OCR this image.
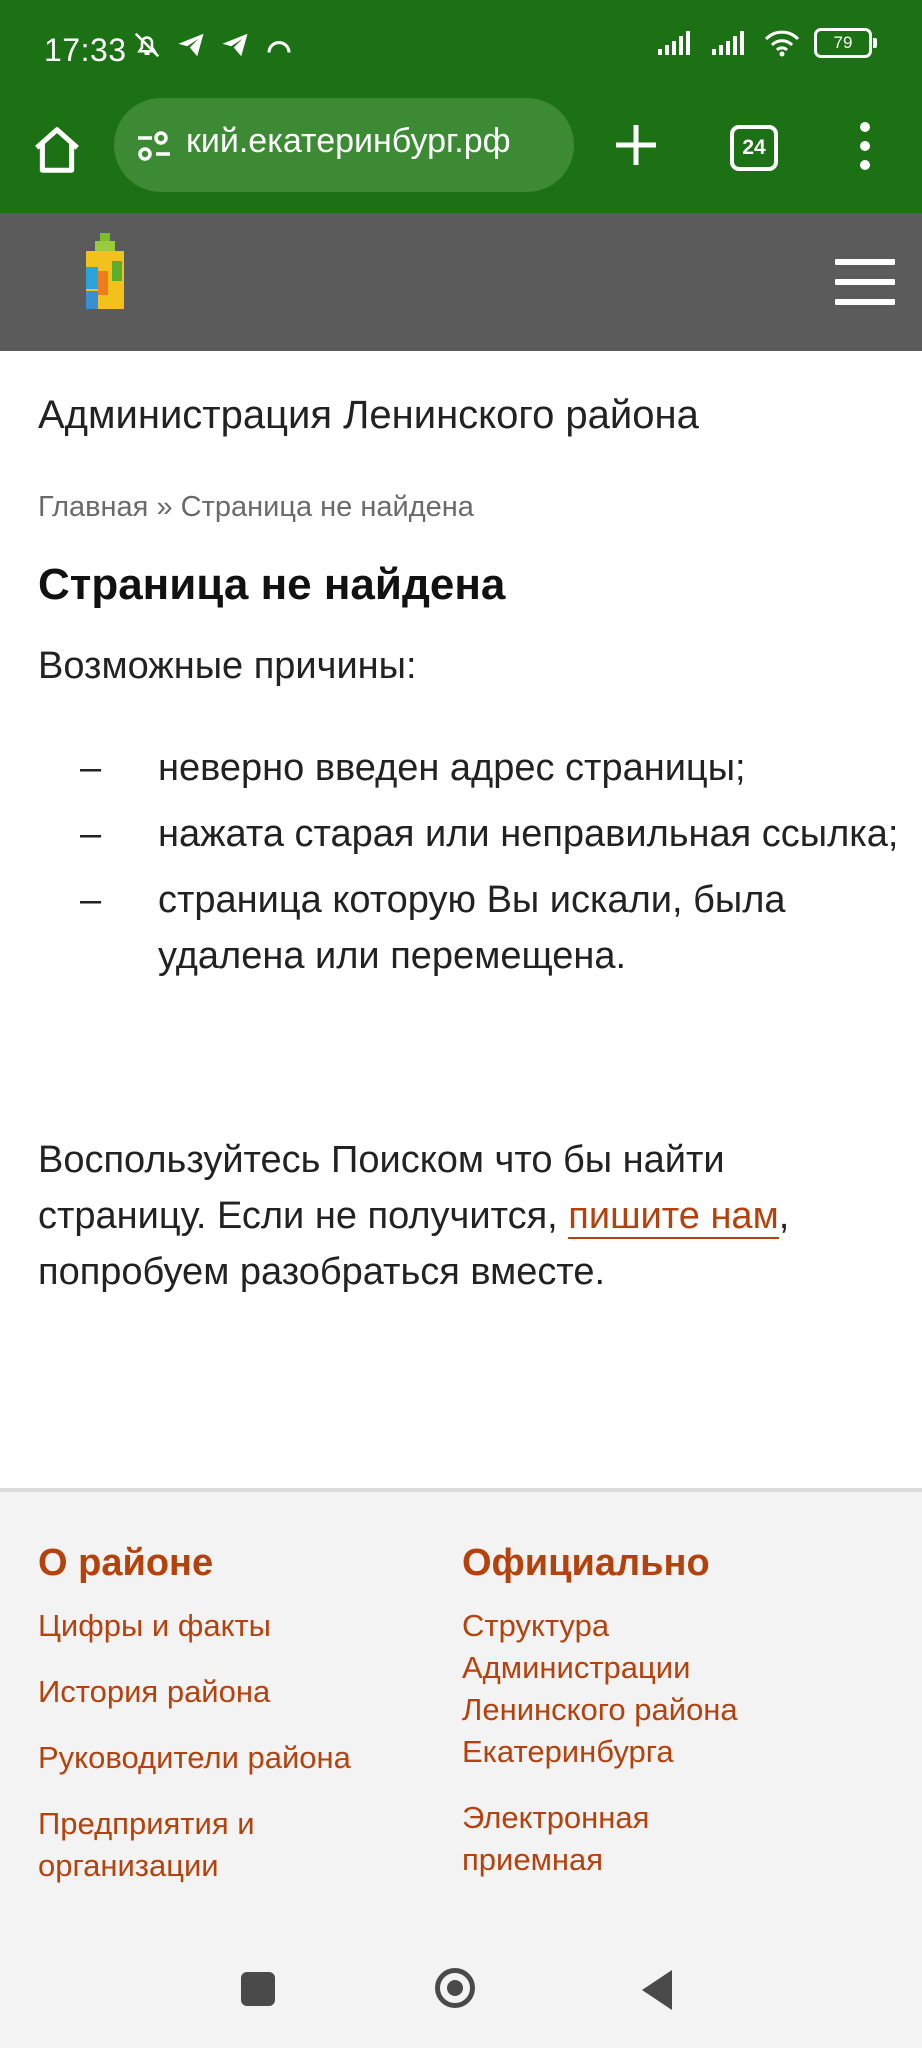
17:33	79
кий.екатеринбург.рф	24
Администрация Ленинского района
Главная » Страница не найдена
Страница не найдена
Возможные причины:
– неверно введен адрес страницы;
– нажата старая или неправильная ссылка;
– страница которую Вы искали, была удалена или перемещена.

Воспользуйтесь Поиском что бы найти страницу. Если не получится, пишите нам, попробуем разобраться вместе.

О районе
Цифры и факты
История района
Руководители района
Предприятия и организации
Официально
Структура Администрации Ленинского района Екатеринбурга
Электронная приемная
